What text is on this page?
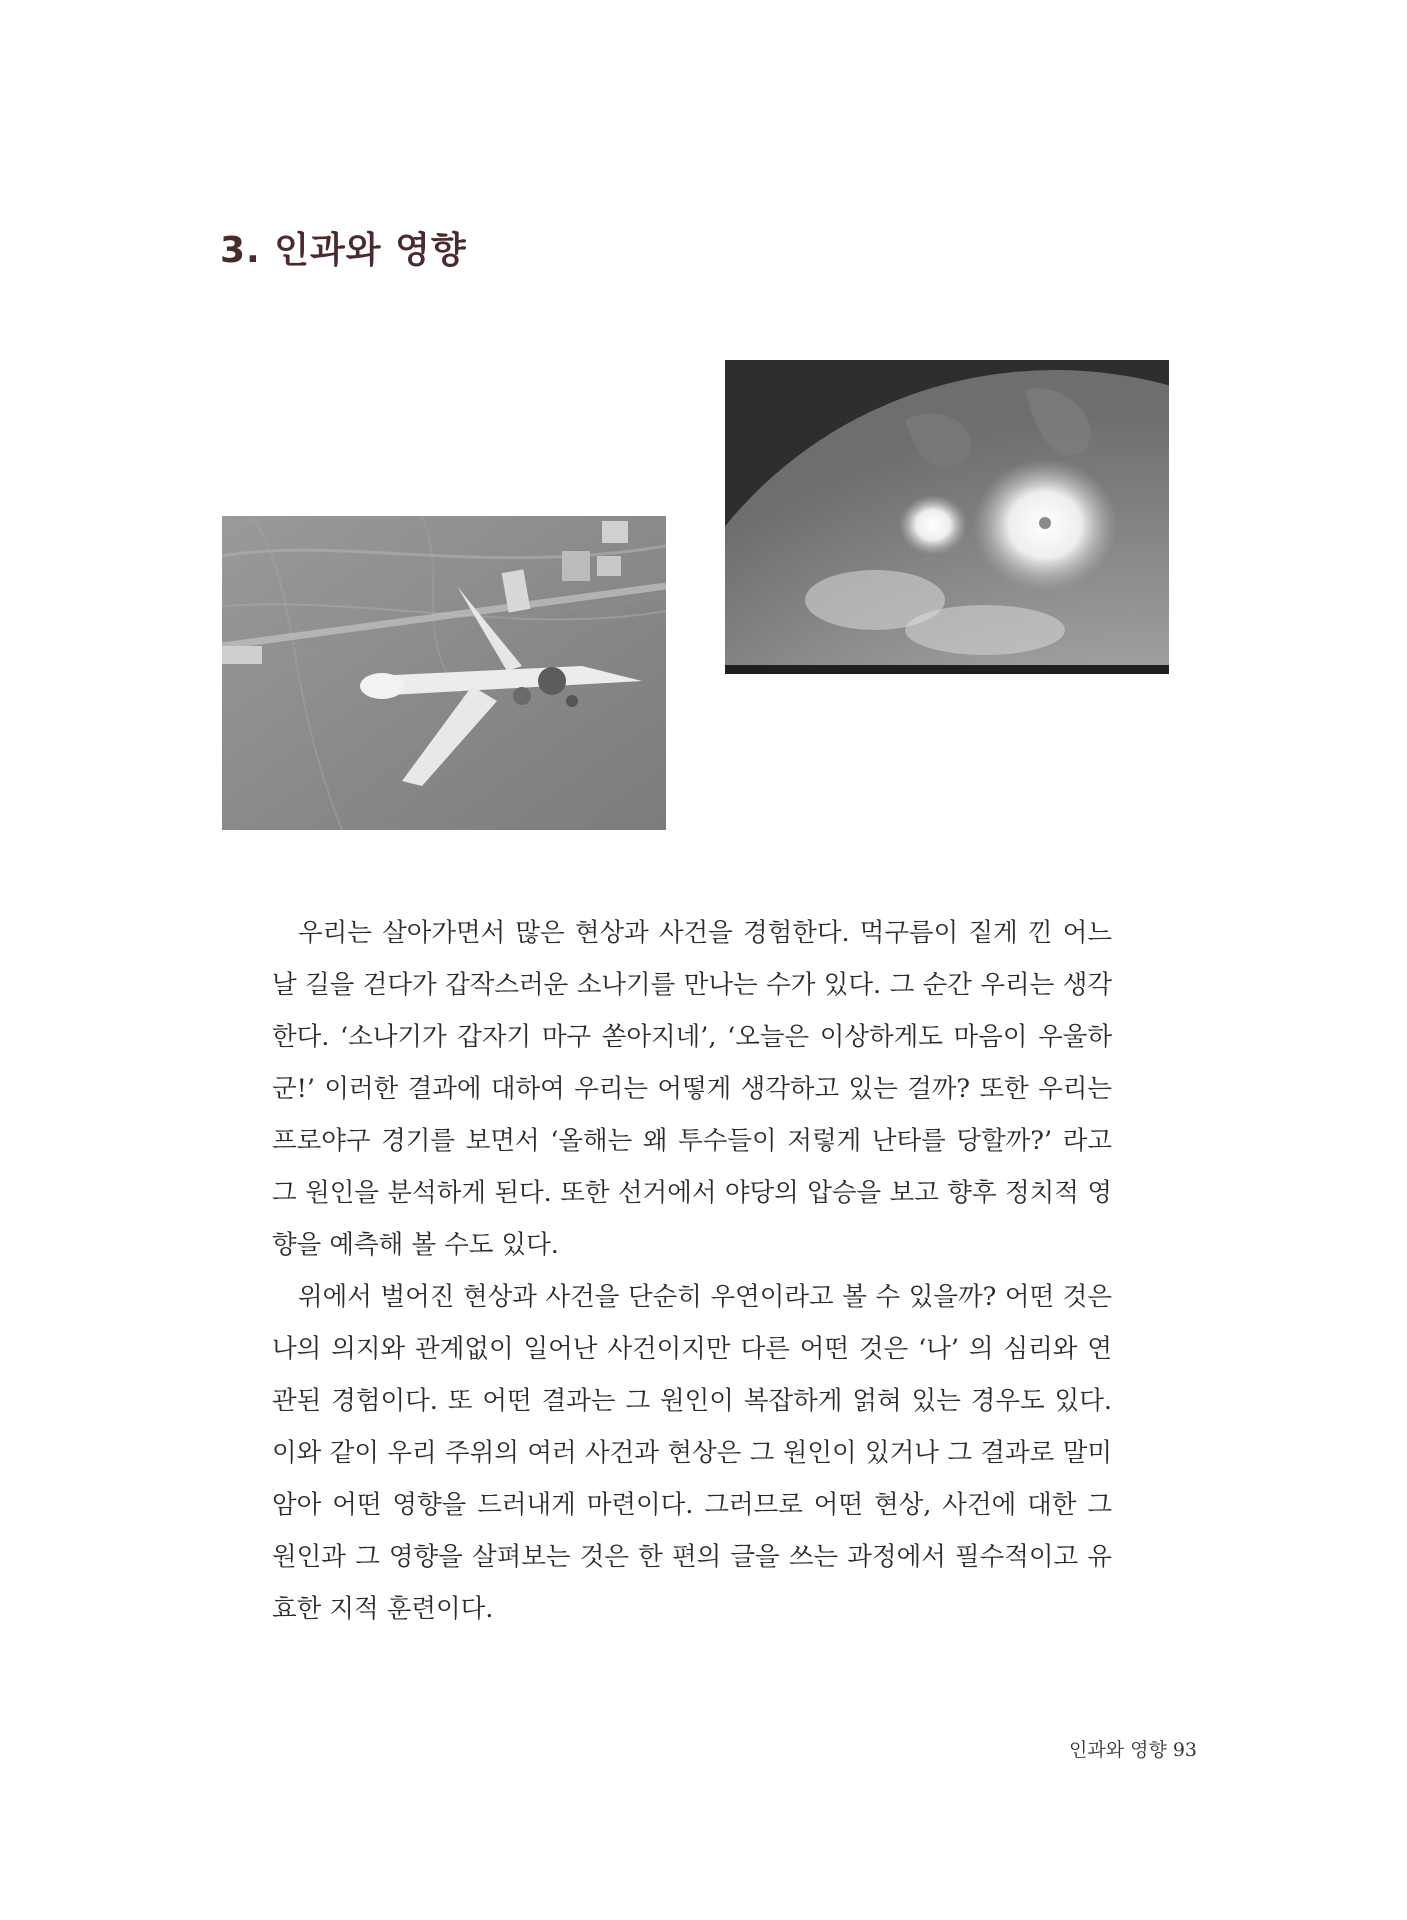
3. 인과와 영향

우리는 살아가면서 많은 현상과 사건을 경험한다. 먹구름이 짙게 낀 어느 날 길을 걷다가 갑작스러운 소나기를 만나는 수가 있다. 그 순간 우리는 생각한다. ‘소나기가 갑자기 마구 쏟아지네’, ‘오늘은 이상하게도 마음이 우울하군!’ 이러한 결과에 대하여 우리는 어떻게 생각하고 있는 걸까? 또한 우리는 프로야구 경기를 보면서 ‘올해는 왜 투수들이 저렇게 난타를 당할까?’ 라고 그 원인을 분석하게 된다. 또한 선거에서 야당의 압승을 보고 향후 정치적 영향을 예측해 볼 수도 있다.

위에서 벌어진 현상과 사건을 단순히 우연이라고 볼 수 있을까? 어떤 것은 나의 의지와 관계없이 일어난 사건이지만 다른 어떤 것은 ‘나’ 의 심리와 연관된 경험이다. 또 어떤 결과는 그 원인이 복잡하게 얽혀 있는 경우도 있다. 이와 같이 우리 주위의 여러 사건과 현상은 그 원인이 있거나 그 결과로 말미암아 어떤 영향을 드러내게 마련이다. 그러므로 어떤 현상, 사건에 대한 그 원인과 그 영향을 살펴보는 것은 한 편의 글을 쓰는 과정에서 필수적이고 유효한 지적 훈련이다.

인과와 영향 93
